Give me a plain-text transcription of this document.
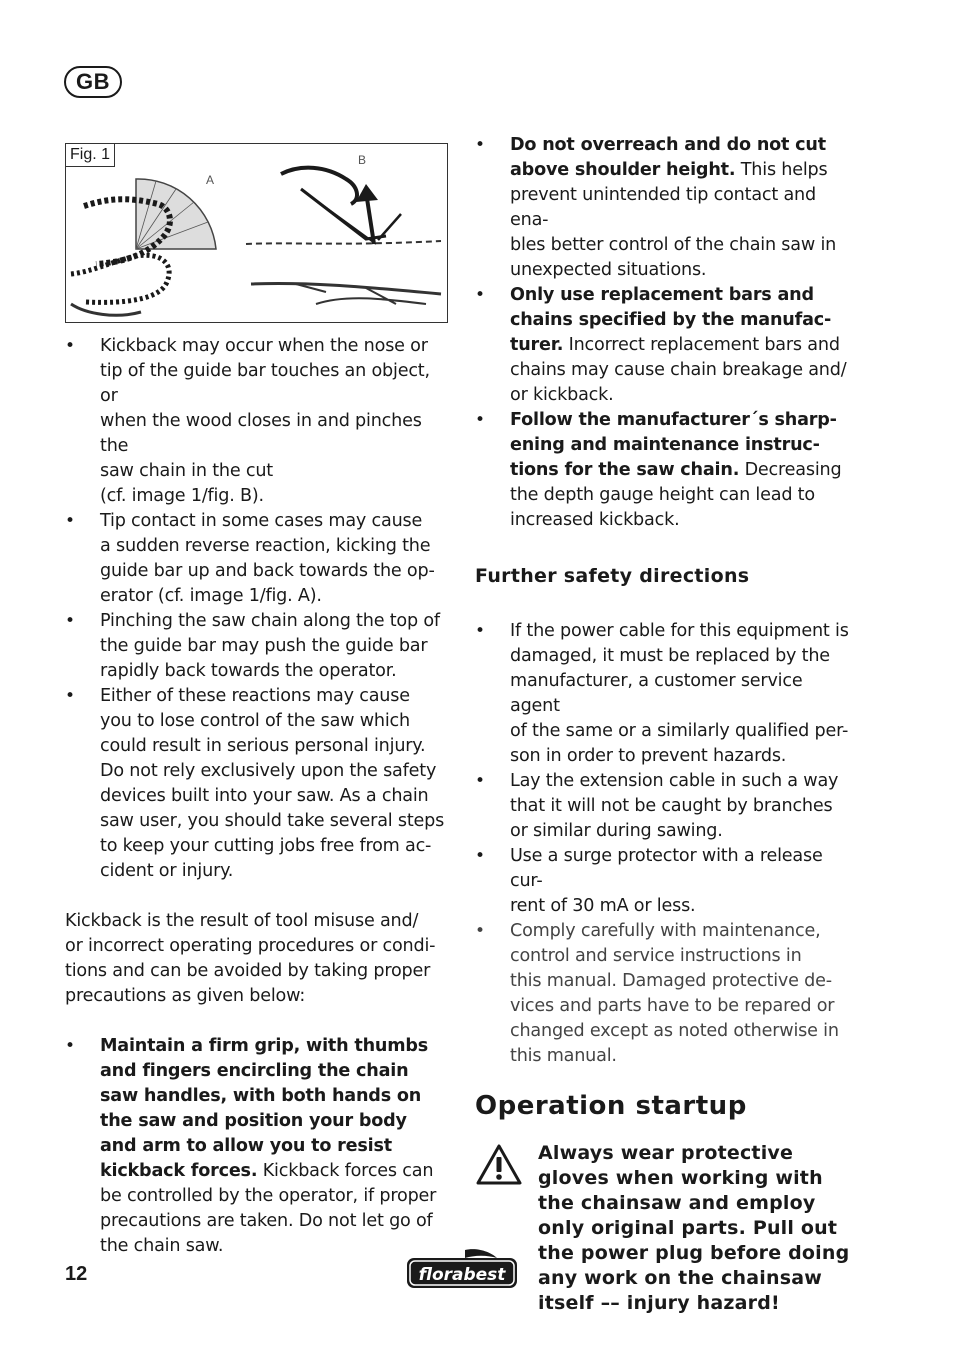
GB
A
B
Fig. 1
• Kickback may occur when the nose or
tip of the guide bar touches an object, or
when the wood closes in and pinches the
saw chain in the cut
(cf. image 1/fig. B).
• Tip contact in some cases may cause
a sudden reverse reaction, kicking the
guide bar up and back towards the op-
erator (cf. image 1/fig. A).
• Pinching the saw chain along the top of
the guide bar may push the guide bar
rapidly back towards the operator.
• Either of these reactions may cause
you to lose control of the saw which
could result in serious personal injury.
Do not rely exclusively upon the safety
devices built into your saw. As a chain
saw user, you should take several steps
to keep your cutting jobs free from ac-
cident or injury.
Kickback is the result of tool misuse and/
or incorrect operating procedures or condi-
tions and can be avoided by taking proper
precautions as given below:
• Maintain a firm grip, with thumbs
and fingers encircling the chain
saw handles, with both hands on
the saw and position your body
and arm to allow you to resist
kickback forces. Kickback forces can
be controlled by the operator, if proper
precautions are taken. Do not let go of
the chain saw.
• Do not overreach and do not cut
above shoulder height. This helps
prevent unintended tip contact and ena-
bles better control of the chain saw in
unexpected situations.
• Only use replacement bars and
chains specified by the manufac-
turer. Incorrect replacement bars and
chains may cause chain breakage and/
or kickback.
• Follow the manufacturer´s sharp-
ening and maintenance instruc-
tions for the saw chain. Decreasing
the depth gauge height can lead to
increased kickback.
Further safety directions
• If the power cable for this equipment is
damaged, it must be replaced by the
manufacturer, a customer service agent
of the same or a similarly qualified per-
son in order to prevent hazards.
• Lay the extension cable in such a way
that it will not be caught by branches
or similar during sawing.
• Use a surge protector with a release cur-
rent of 30 mA or less.
• Comply carefully with maintenance,
control and service instructions in
this manual. Damaged protective de-
vices and parts have to be repared or
changed except as noted otherwise in
this manual.
Operation startup
Always wear protective
gloves when working with
the chainsaw and employ
only original parts. Pull out
the power plug before doing
any work on the chainsaw
itself –– injury hazard!
12	florabest
